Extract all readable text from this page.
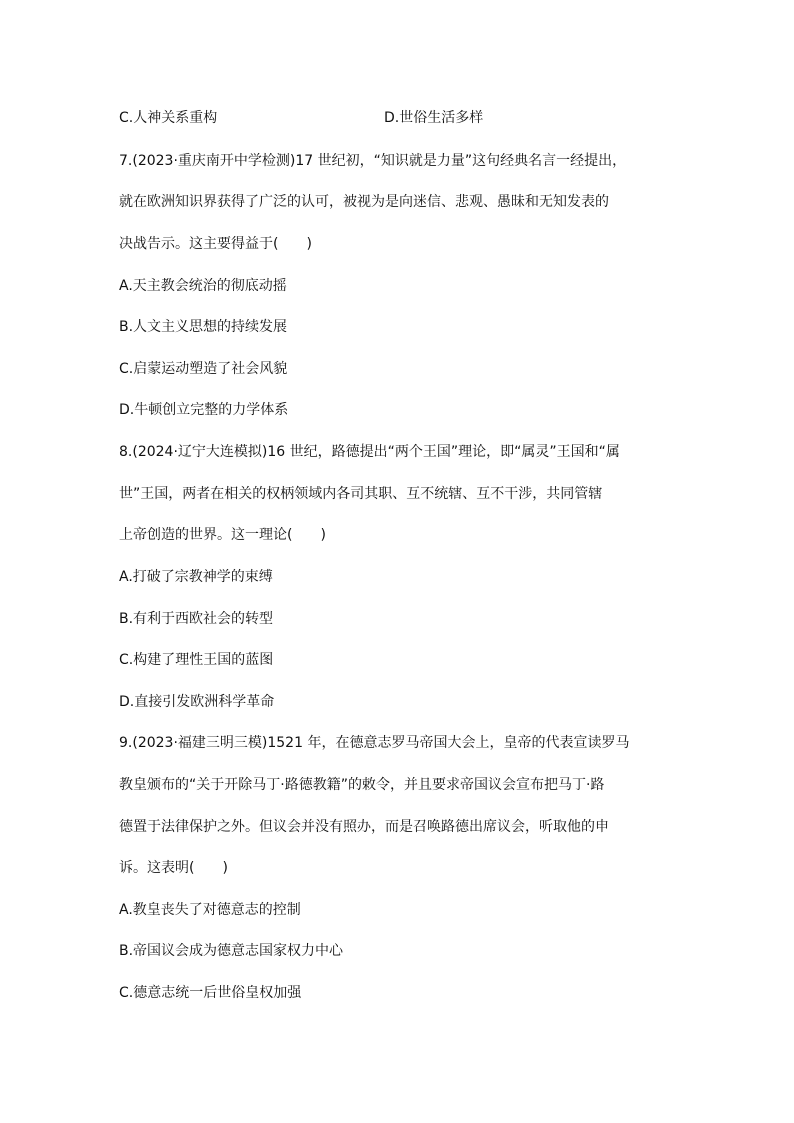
C.人神关系重构	D.世俗生活多样
7.(2023·重庆南开中学检测)17 世纪初，“知识就是力量”这句经典名言一经提出，
就在欧洲知识界获得了广泛的认可，被视为是向迷信、悲观、愚昧和无知发表的
决战告示。这主要得益于(　　)
A.天主教会统治的彻底动摇
B.人文主义思想的持续发展
C.启蒙运动塑造了社会风貌
D.牛顿创立完整的力学体系
8.(2024·辽宁大连模拟)16 世纪，路德提出“两个王国”理论，即“属灵”王国和“属
世”王国，两者在相关的权柄领域内各司其职、互不统辖、互不干涉，共同管辖
上帝创造的世界。这一理论(　　)
A.打破了宗教神学的束缚
B.有利于西欧社会的转型
C.构建了理性王国的蓝图
D.直接引发欧洲科学革命
9.(2023·福建三明三模)1521 年，在德意志罗马帝国大会上，皇帝的代表宣读罗马
教皇颁布的“关于开除马丁·路德教籍”的敕令，并且要求帝国议会宣布把马丁·路
德置于法律保护之外。但议会并没有照办，而是召唤路德出席议会，听取他的申
诉。这表明(　　)
A.教皇丧失了对德意志的控制
B.帝国议会成为德意志国家权力中心
C.德意志统一后世俗皇权加强
